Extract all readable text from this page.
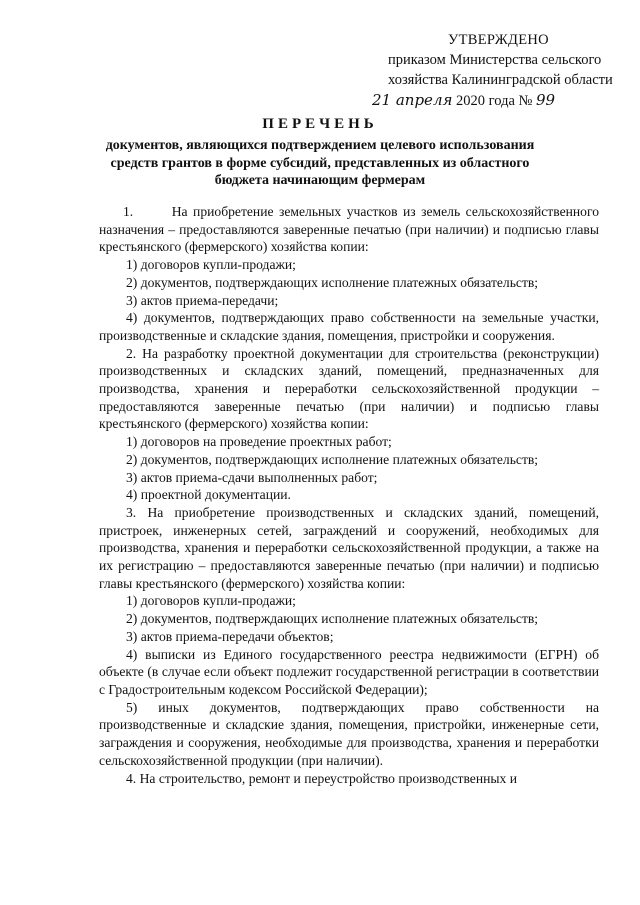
УТВЕРЖДЕНО
приказом Министерства сельского
хозяйства Калининградской области
21 апреля 2020 года № 99
ПЕРЕЧЕНЬ
документов, являющихся подтверждением целевого использования средств грантов в форме субсидий, представленных из областного бюджета начинающим фермерам

1.       На приобретение земельных участков из земель сельскохозяйственного назначения – предоставляются заверенные печатью (при наличии) и подписью главы крестьянского (фермерского) хозяйства копии:

1) договоров купли-продажи;

2) документов, подтверждающих исполнение платежных обязательств;

3) актов приема-передачи;

4) документов, подтверждающих право собственности на земельные участки, производственные и складские здания, помещения, пристройки и сооружения.

2. На разработку проектной документации для строительства (реконструкции) производственных и складских зданий, помещений, предназначенных для производства, хранения и переработки сельскохозяйственной продукции – предоставляются заверенные печатью (при наличии) и подписью главы крестьянского (фермерского) хозяйства копии:

1) договоров на проведение проектных работ;

2) документов, подтверждающих исполнение платежных обязательств;

3) актов приема-сдачи выполненных работ;

4) проектной документации.

3. На приобретение производственных и складских зданий, помещений, пристроек, инженерных сетей, заграждений и сооружений, необходимых для производства, хранения и переработки сельскохозяйственной продукции, а также на их регистрацию – предоставляются заверенные печатью (при наличии) и подписью главы крестьянского (фермерского) хозяйства копии:

1) договоров купли-продажи;

2) документов, подтверждающих исполнение платежных обязательств;

3) актов приема-передачи объектов;

4) выписки из Единого государственного реестра недвижимости (ЕГРН) об объекте (в случае если объект подлежит государственной регистрации в соответствии с Градостроительным кодексом Российской Федерации);

5) иных документов, подтверждающих право собственности на производственные и складские здания, помещения, пристройки, инженерные сети, заграждения и сооружения, необходимые для производства, хранения и переработки сельскохозяйственной продукции (при наличии).

4. На строительство, ремонт и переустройство производственных и
